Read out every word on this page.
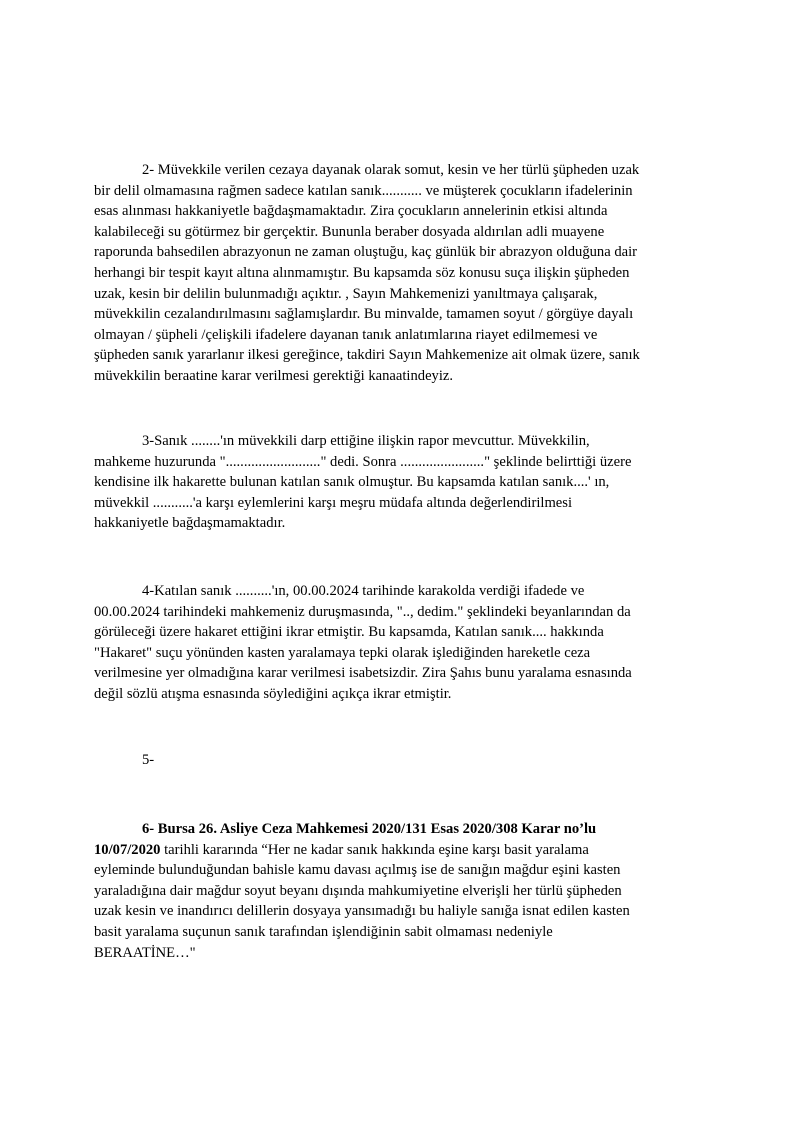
2- Müvekkile verilen cezaya dayanak olarak somut, kesin ve her türlü şüpheden uzak
bir delil olmamasına rağmen sadece katılan sanık........... ve müşterek çocukların ifadelerinin
esas alınması hakkaniyetle bağdaşmamaktadır. Zira çocukların annelerinin etkisi altında
kalabileceği su götürmez bir gerçektir. Bununla beraber dosyada aldırılan adli muayene
raporunda bahsedilen abrazyonun ne zaman oluştuğu, kaç günlük bir abrazyon olduğuna dair
herhangi bir tespit kayıt altına alınmamıştır. Bu kapsamda söz konusu suça ilişkin şüpheden
uzak, kesin bir delilin bulunmadığı açıktır. , Sayın Mahkemenizi yanıltmaya çalışarak,
müvekkilin cezalandırılmasını sağlamışlardır. Bu minvalde, tamamen soyut / görgüye dayalı
olmayan / şüpheli /çelişkili ifadelere dayanan tanık anlatımlarına riayet edilmemesi ve
şüpheden sanık yararlanır ilkesi gereğince, takdiri Sayın Mahkemenize ait olmak üzere, sanık
müvekkilin beraatine karar verilmesi gerektiği kanaatindeyiz.
3-Sanık ........'ın müvekkili darp ettiğine ilişkin rapor mevcuttur. Müvekkilin,
mahkeme huzurunda ".........................." dedi. Sonra ......................." şeklinde belirttiği üzere
kendisine ilk hakarette bulunan katılan sanık olmuştur. Bu kapsamda katılan sanık....' ın,
müvekkil ...........'a karşı eylemlerini karşı meşru müdafa altında değerlendirilmesi
hakkaniyetle bağdaşmamaktadır.
4-Katılan sanık ..........'ın, 00.00.2024 tarihinde karakolda verdiği ifadede ve
00.00.2024 tarihindeki mahkemeniz duruşmasında, ".., dedim." şeklindeki beyanlarından da
görüleceği üzere hakaret ettiğini ikrar etmiştir. Bu kapsamda, Katılan sanık.... hakkında
"Hakaret" suçu yönünden kasten yaralamaya tepki olarak işlediğinden hareketle ceza
verilmesine yer olmadığına karar verilmesi isabetsizdir. Zira Şahıs bunu yaralama esnasında
değil sözlü atışma esnasında söylediğini açıkça ikrar etmiştir.
5-
6- Bursa 26. Asliye Ceza Mahkemesi 2020/131 Esas 2020/308 Karar no’lu
10/07/2020 tarihli kararında “Her ne kadar sanık hakkında eşine karşı basit yaralama
eyleminde bulunduğundan bahisle kamu davası açılmış ise de sanığın mağdur eşini kasten
yaraladığına dair mağdur soyut beyanı dışında mahkumiyetine elverişli her türlü şüpheden
uzak kesin ve inandırıcı delillerin dosyaya yansımadığı bu haliyle sanığa isnat edilen kasten
basit yaralama suçunun sanık tarafından işlendiğinin sabit olmaması nedeniyle
BERAATİNE…"
